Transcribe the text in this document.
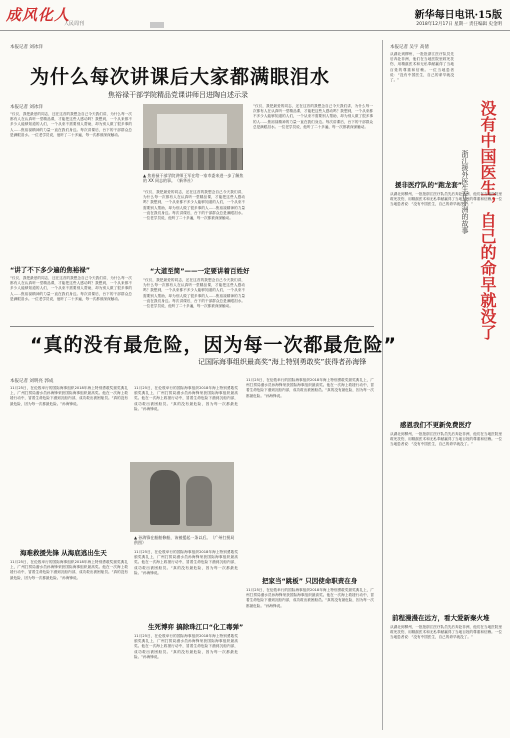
成风化人
人民周刊
新华每日电讯·15版
2018年12月17日 星期一 责任编辑 史金明
本报记者 刘冰洋
为什么每次讲课后大家都满眼泪水
焦裕禄干部学院精品党课讲师吕进陶自述示录
本报记者 刘冰洋
“仅仅，我把最爱的同志，还在这首的我想念自己今天我们讲，为什么每一次都有人在认真听一堂精品课，才能把这些人感动吗？我想到，一个从来都不多少人能够知道的人们，一个从来不需要别人帮助，却为别人做了很多事的人……焦裕禄精神的力量一直在我们身边。每次讲课后，台下的干部群众总是满眼泪水。一位老学员说，他听了二十多遍，每一次都被深深触动。
“讲了不下多少遍的焦裕禄”
“仅仅，我把最爱的同志，还在这首的我想念自己今天我们讲，为什么每一次都有人在认真听一堂精品课，才能把这些人感动吗？我想到，一个从来都不多少人能够知道的人们，一个从来不需要别人帮助，却为别人做了很多事的人……焦裕禄精神的力量一直在我们身边。每次讲课后，台下的干部群众总是满眼泪水。一位老学员说，他听了二十多遍，每一次都被深深触动。
▲ 焦裕禄干部学院讲师王军在给一家市委来进一步了解焦的 XX 同志的事。（新华社）
“仅仅，我把最爱的同志，还在这首的我想念自己今天我们讲，为什么每一次都有人在认真听一堂精品课，才能把这些人感动吗？我想到，一个从来都不多少人能够知道的人们，一个从来不需要别人帮助，却为别人做了很多事的人……焦裕禄精神的力量一直在我们身边。每次讲课后，台下的干部群众总是满眼泪水。一位老学员说，他听了二十多遍，每一次都被深深触动。
“大道至简”——一定要讲着百姓好
“仅仅，我把最爱的同志，还在这首的我想念自己今天我们讲，为什么每一次都有人在认真听一堂精品课，才能把这些人感动吗？我想到，一个从来都不多少人能够知道的人们，一个从来不需要别人帮助，却为别人做了很多事的人……焦裕禄精神的力量一直在我们身边。每次讲课后，台下的干部群众总是满眼泪水。一位老学员说，他听了二十多遍，每一次都被深深触动。
“仅仅，我把最爱的同志，还在这首的我想念自己今天我们讲，为什么每一次都有人在认真听一堂精品课，才能把这些人感动吗？我想到，一个从来都不多少人能够知道的人们，一个从来不需要别人帮助，却为别人做了很多事的人……焦裕禄精神的力量一直在我们身边。每次讲课后，台下的干部群众总是满眼泪水。一位老学员说，他听了二十多遍，每一次都被深深触动。
本报记者 吴宇 高倩
从湖北到柳州，一批批浙江医疗队员先后奔赴非洲，他们在当地医院里救死扶伤，用精湛医术和无私奉献赢得了当地百姓的尊重和信赖。一位当地患者说：“没有中国医生，自己的命早就没了。”
没有中国医生，自己的命早就没了
浙江援外医生在非洲的故事
援非医疗队的“跑龙套”
从湖北到柳州，一批批浙江医疗队员先后奔赴非洲，他们在当地医院里救死扶伤，用精湛医术和无私奉献赢得了当地百姓的尊重和信赖。一位当地患者说：“没有中国医生，自己的命早就没了。”
感恩我们不更新免费医疗
从湖北到柳州，一批批浙江医疗队员先后奔赴非洲，他们在当地医院里救死扶伤，用精湛医术和无私奉献赢得了当地百姓的尊重和信赖。一位当地患者说：“没有中国医生，自己的命早就没了。”
前程漫漫在远方，看大爱新秦火堆
从湖北到柳州，一批批浙江医疗队员先后奔赴非洲，他们在当地医院里救死扶伤，用精湛医术和无私奉献赢得了当地百姓的尊重和信赖。一位当地患者说：“没有中国医生，自己的命早就没了。”
“真的没有最危险，因为每一次都最危险”
记国际海事组织最高奖“海上特别勇敢奖”获得者孙海锋
本报记者 刘明亮 郭成
11月25日，在伦敦举行的国际海事组织2018年海上特别勇敢奖颁奖典礼上，广州打捞局潜水员孙海锋荣获国际海事组织最高奖。他在一次海上救援行动中，冒着生命危险下潜到沉船内部，成功救出被困船员。“真的没有最危险，因为每一次都最危险。”孙海锋说。
海难救援先锋 从海底逃出生天
11月25日，在伦敦举行的国际海事组织2018年海上特别勇敢奖颁奖典礼上，广州打捞局潜水员孙海锋荣获国际海事组织最高奖。他在一次海上救援行动中，冒着生命危险下潜到沉船内部，成功救出被困船员。“真的没有最危险，因为每一次都最危险。”孙海锋说。
11月25日，在伦敦举行的国际海事组织2018年海上特别勇敢奖颁奖典礼上，广州打捞局潜水员孙海锋荣获国际海事组织最高奖。他在一次海上救援行动中，冒着生命危险下潜到沉船内部，成功救出被困船员。“真的没有最危险，因为每一次都最危险。”孙海锋说。
▲ 孙海锋在船舶修船，该被援起一条以后。（广州打捞局供图）
11月25日，在伦敦举行的国际海事组织2018年海上特别勇敢奖颁奖典礼上，广州打捞局潜水员孙海锋荣获国际海事组织最高奖。他在一次海上救援行动中，冒着生命危险下潜到沉船内部，成功救出被困船员。“真的没有最危险，因为每一次都最危险。”孙海锋说。
生死博弈 搞除珠江口“化工毒弹”
11月25日，在伦敦举行的国际海事组织2018年海上特别勇敢奖颁奖典礼上，广州打捞局潜水员孙海锋荣获国际海事组织最高奖。他在一次海上救援行动中，冒着生命危险下潜到沉船内部，成功救出被困船员。“真的没有最危险，因为每一次都最危险。”孙海锋说。
11月25日，在伦敦举行的国际海事组织2018年海上特别勇敢奖颁奖典礼上，广州打捞局潜水员孙海锋荣获国际海事组织最高奖。他在一次海上救援行动中，冒着生命危险下潜到沉船内部，成功救出被困船员。“真的没有最危险，因为每一次都最危险。”孙海锋说。
把家当“跳板” 只因使命职责在身
11月25日，在伦敦举行的国际海事组织2018年海上特别勇敢奖颁奖典礼上，广州打捞局潜水员孙海锋荣获国际海事组织最高奖。他在一次海上救援行动中，冒着生命危险下潜到沉船内部，成功救出被困船员。“真的没有最危险，因为每一次都最危险。”孙海锋说。
